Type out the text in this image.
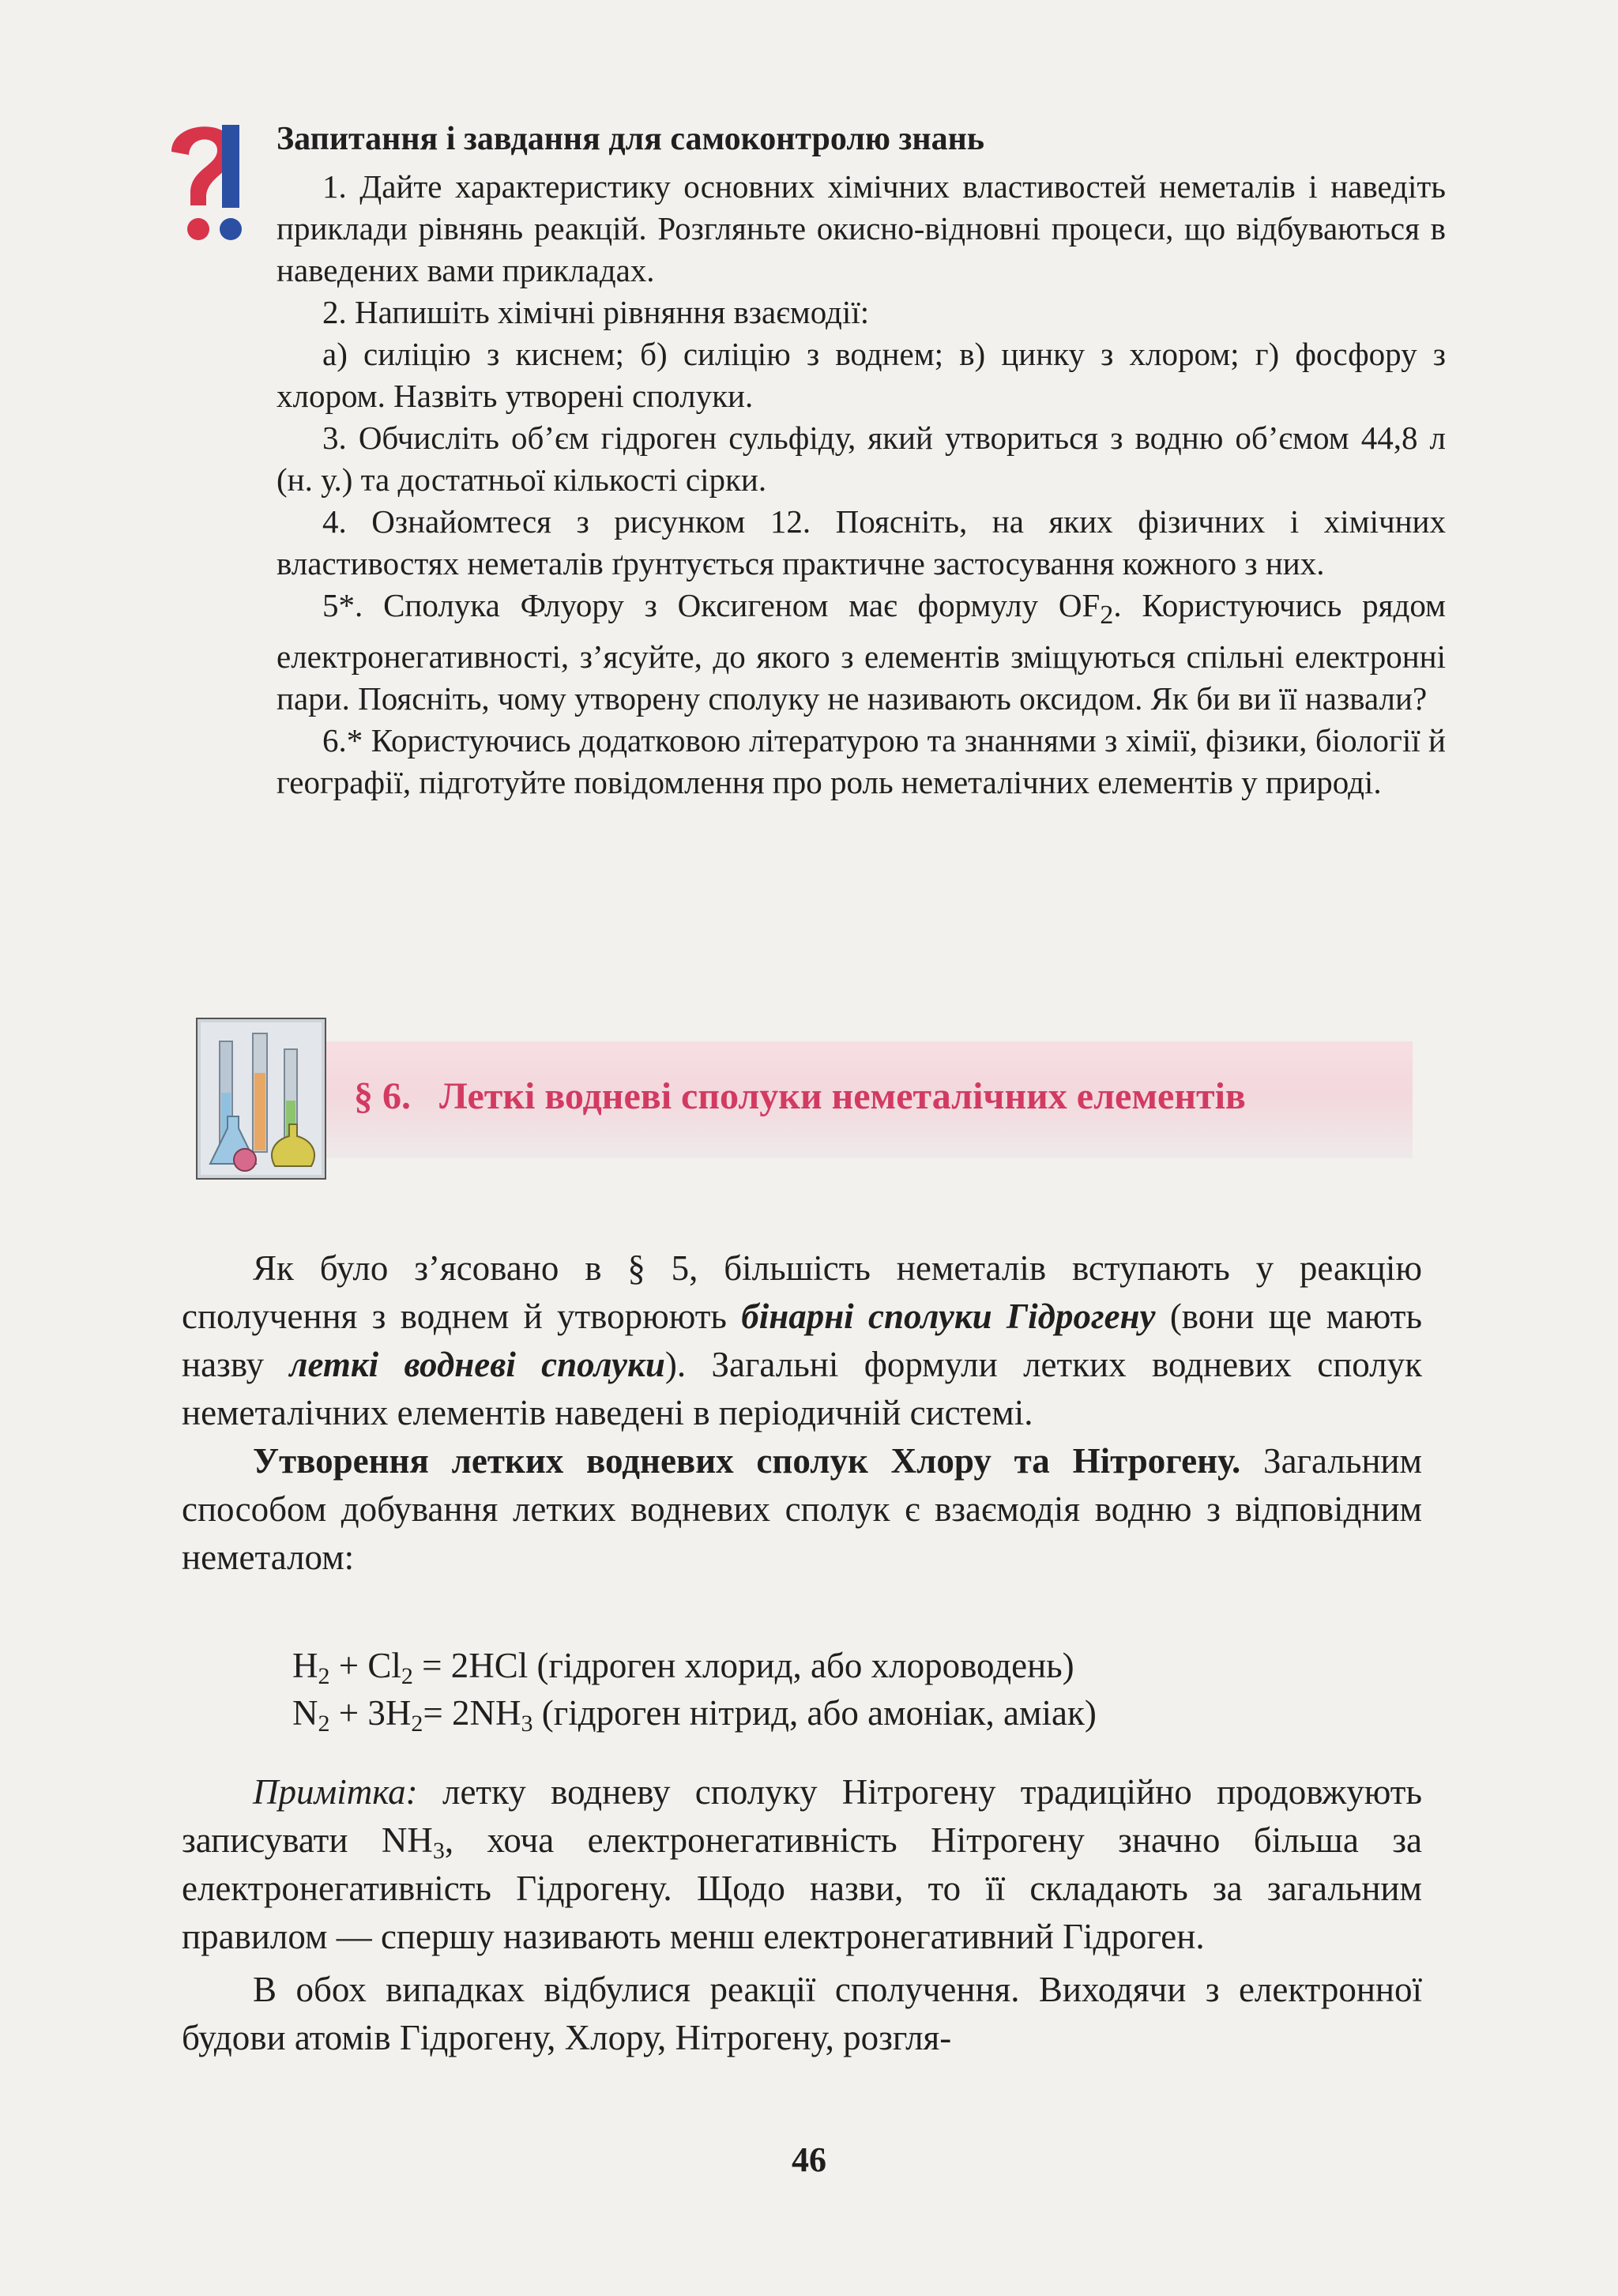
Запитання і завдання для самоконтролю знань

1. Дайте характеристику основних хімічних властивостей неметалів і наведіть приклади рівнянь реакцій. Розгляньте окисно-відновні процеси, що відбуваються в наведених вами прикладах.

2. Напишіть хімічні рівняння взаємодії:

а) силіцію з киснем; б) силіцію з воднем; в) цинку з хлором; г) фосфору з хлором. Назвіть утворені сполуки.

3. Обчисліть об’єм гідроген сульфіду, який утвориться з водню об’ємом 44,8 л (н. у.) та достатньої кількості сірки.

4. Ознайомтеся з рисунком 12. Поясніть, на яких фізичних і хімічних властивостях неметалів ґрунтується практичне застосування кожного з них.

5*. Сполука Флуору з Оксигеном має формулу $OF_2$. Користуючись рядом електронегативності, з’ясуйте, до якого з елементів зміщуються спільні електронні пари. Поясніть, чому утворену сполуку не називають оксидом. Як би ви її назвали?

6.* Користуючись додатковою літературою та знаннями з хімії, фізики, біології й географії, підготуйте повідомлення про роль неметалічних елементів у природі.

§ 6. Леткі водневі сполуки неметалічних елементів

Як було з’ясовано в § 5, більшість неметалів вступають у реакцію сполучення з воднем й утворюють бінарні сполуки Гідрогену (вони ще мають назву леткі водневі сполуки). Загальні формули летких водневих сполук неметалічних елементів наведені в періодичній системі.

Утворення летких водневих сполук Хлору та Нітрогену. Загальним способом добування летких водневих сполук є взаємодія водню з відповідним неметалом:

$H_2 + Cl_2 = 2HCl$ (гідроген хлорид, або хлороводень)
$N_2 + 3H_2= 2NH_3$ (гідроген нітрид, або амоніак, аміак)

Примітка: летку водневу сполуку Нітрогену традиційно продовжують записувати $NH_3$, хоча електронегативність Нітрогену значно більша за електронегативність Гідрогену. Щодо назви, то її складають за загальним правилом — спершу називають менш електронегативний Гідроген.

В обох випадках відбулися реакції сполучення. Виходячи з електронної будови атомів Гідрогену, Хлору, Нітрогену, розгля-

46
